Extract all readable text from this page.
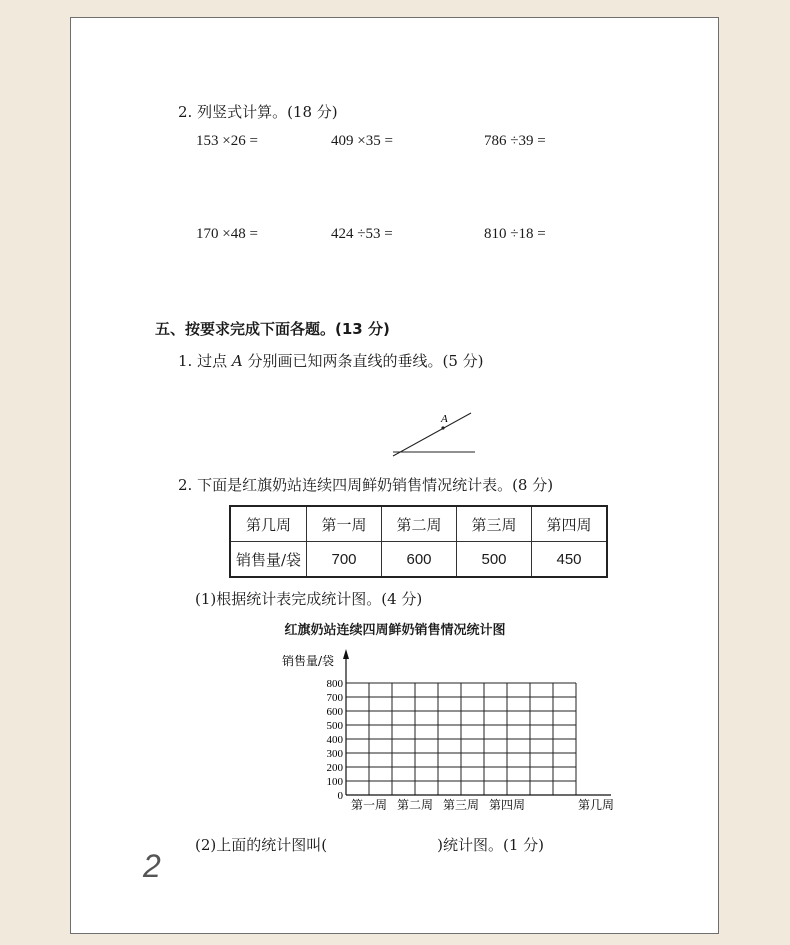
2. 列竖式计算。(18 分)
153 ×26 =	409 ×35 =	786 ÷39 =
170 ×48 =	424 ÷53 =	810 ÷18 =
五、按要求完成下面各题。(13 分)
1. 过点 A 分别画已知两条直线的垂线。(5 分)
A
2. 下面是红旗奶站连续四周鲜奶销售情况统计表。(8 分)
第几周	第一周	第二周	第三周	第四周
销售量/袋	700	600	500	450
(1)根据统计表完成统计图。(4 分)
红旗奶站连续四周鲜奶销售情况统计图
0
100
200
300
400
500
600
700
800
第一周 第二周 第三周 第四周	第几周
销售量/袋
(2)上面的统计图叫(	)统计图。(1 分)
2
